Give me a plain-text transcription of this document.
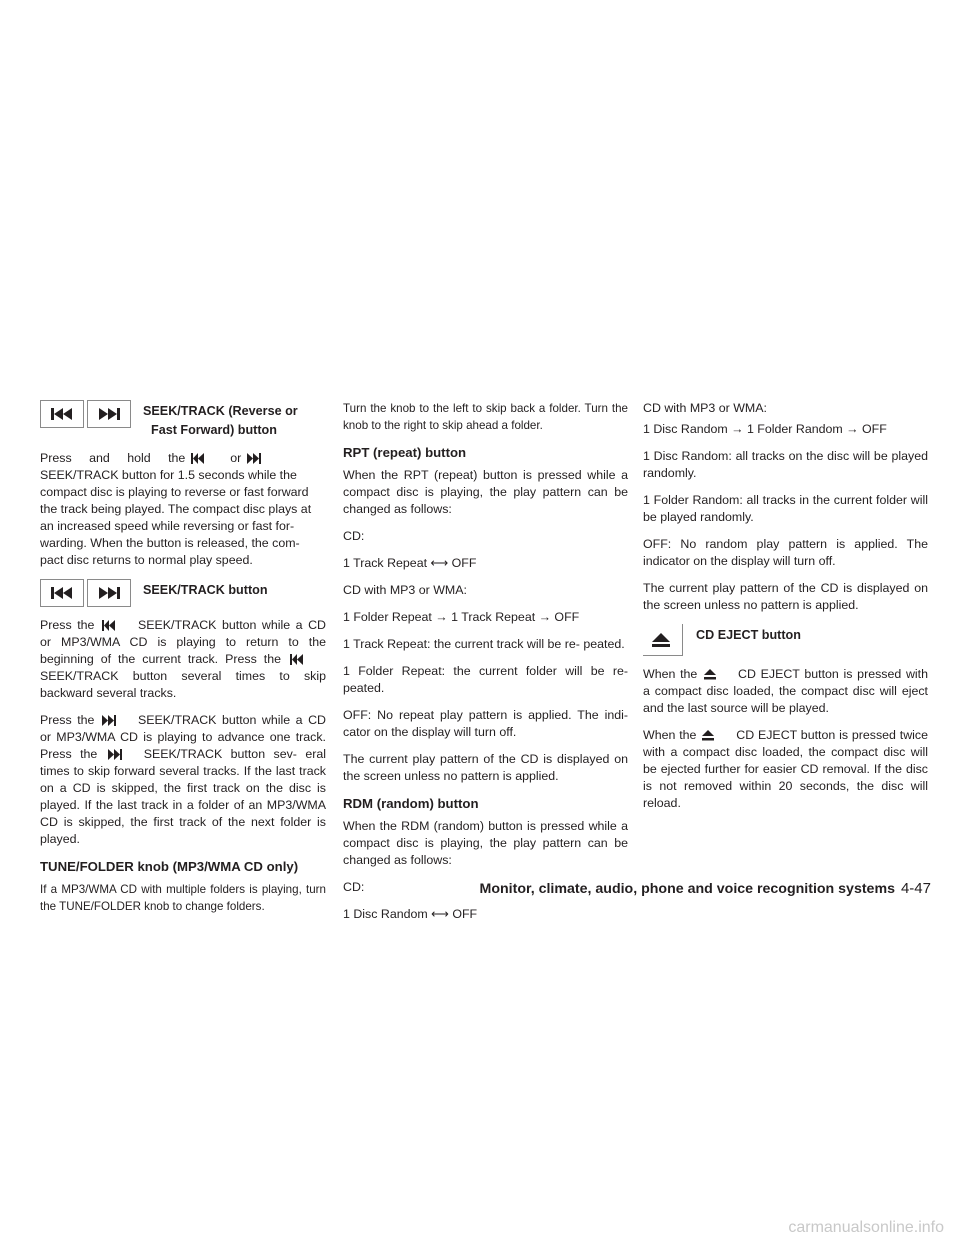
SEEK/TRACK (Reverse or
Fast Forward) button

Press and hold the	or

SEEK/TRACK button for 1.5 seconds while the compact disc is playing to reverse or fast forward the track being played. The compact disc plays at an increased speed while reversing or fast for- warding. When the button is released, the com- pact disc returns to normal play speed.

SEEK/TRACK button

Press the	SEEK/TRACK button while a CD or MP3/WMA CD is playing to return to the beginning of the current track. Press the
SEEK/TRACK button several times to skip backward several tracks.

Press the	SEEK/TRACK button while a CD or MP3/WMA CD is playing to advance one track. Press the	SEEK/TRACK button sev- eral times to skip forward several tracks. If the last track on a CD is skipped, the first track on the disc is played. If the last track in a folder of an MP3/WMA CD is skipped, the first track of the next folder is played.

TUNE/FOLDER knob (MP3/WMA CD only)

If a MP3/WMA CD with multiple folders is playing, turn the TUNE/FOLDER knob to change folders.

Turn the knob to the left to skip back a folder. Turn the knob to the right to skip ahead a folder.

RPT (repeat) button

When the RPT (repeat) button is pressed while a compact disc is playing, the play pattern can be changed as follows:

CD:

1 Track Repeat ⟷ OFF

CD with MP3 or WMA:

1 Folder Repeat → 1 Track Repeat → OFF

1 Track Repeat: the current track will be re- peated.

1 Folder Repeat: the current folder will be re- peated.

OFF: No repeat play pattern is applied. The indi- cator on the display will turn off.

The current play pattern of the CD is displayed on the screen unless no pattern is applied.

RDM (random) button

When the RDM (random) button is pressed while a compact disc is playing, the play pattern can be changed as follows:

CD:

1 Disc Random ⟷ OFF

CD with MP3 or WMA:

1 Disc Random → 1 Folder Random → OFF

1 Disc Random: all tracks on the disc will be played randomly.

1 Folder Random: all tracks in the current folder will be played randomly.

OFF: No random play pattern is applied. The indicator on the display will turn off.

The current play pattern of the CD is displayed on the screen unless no pattern is applied.

CD EJECT button

When the	CD EJECT button is pressed with a compact disc loaded, the compact disc will eject and the last source will be played.

When the	CD EJECT button is pressed twice with a compact disc loaded, the compact disc will be ejected further for easier CD removal. If the disc is not removed within 20 seconds, the disc will reload.

Monitor, climate, audio, phone and voice recognition systems 4-47
carmanualsonline.info
